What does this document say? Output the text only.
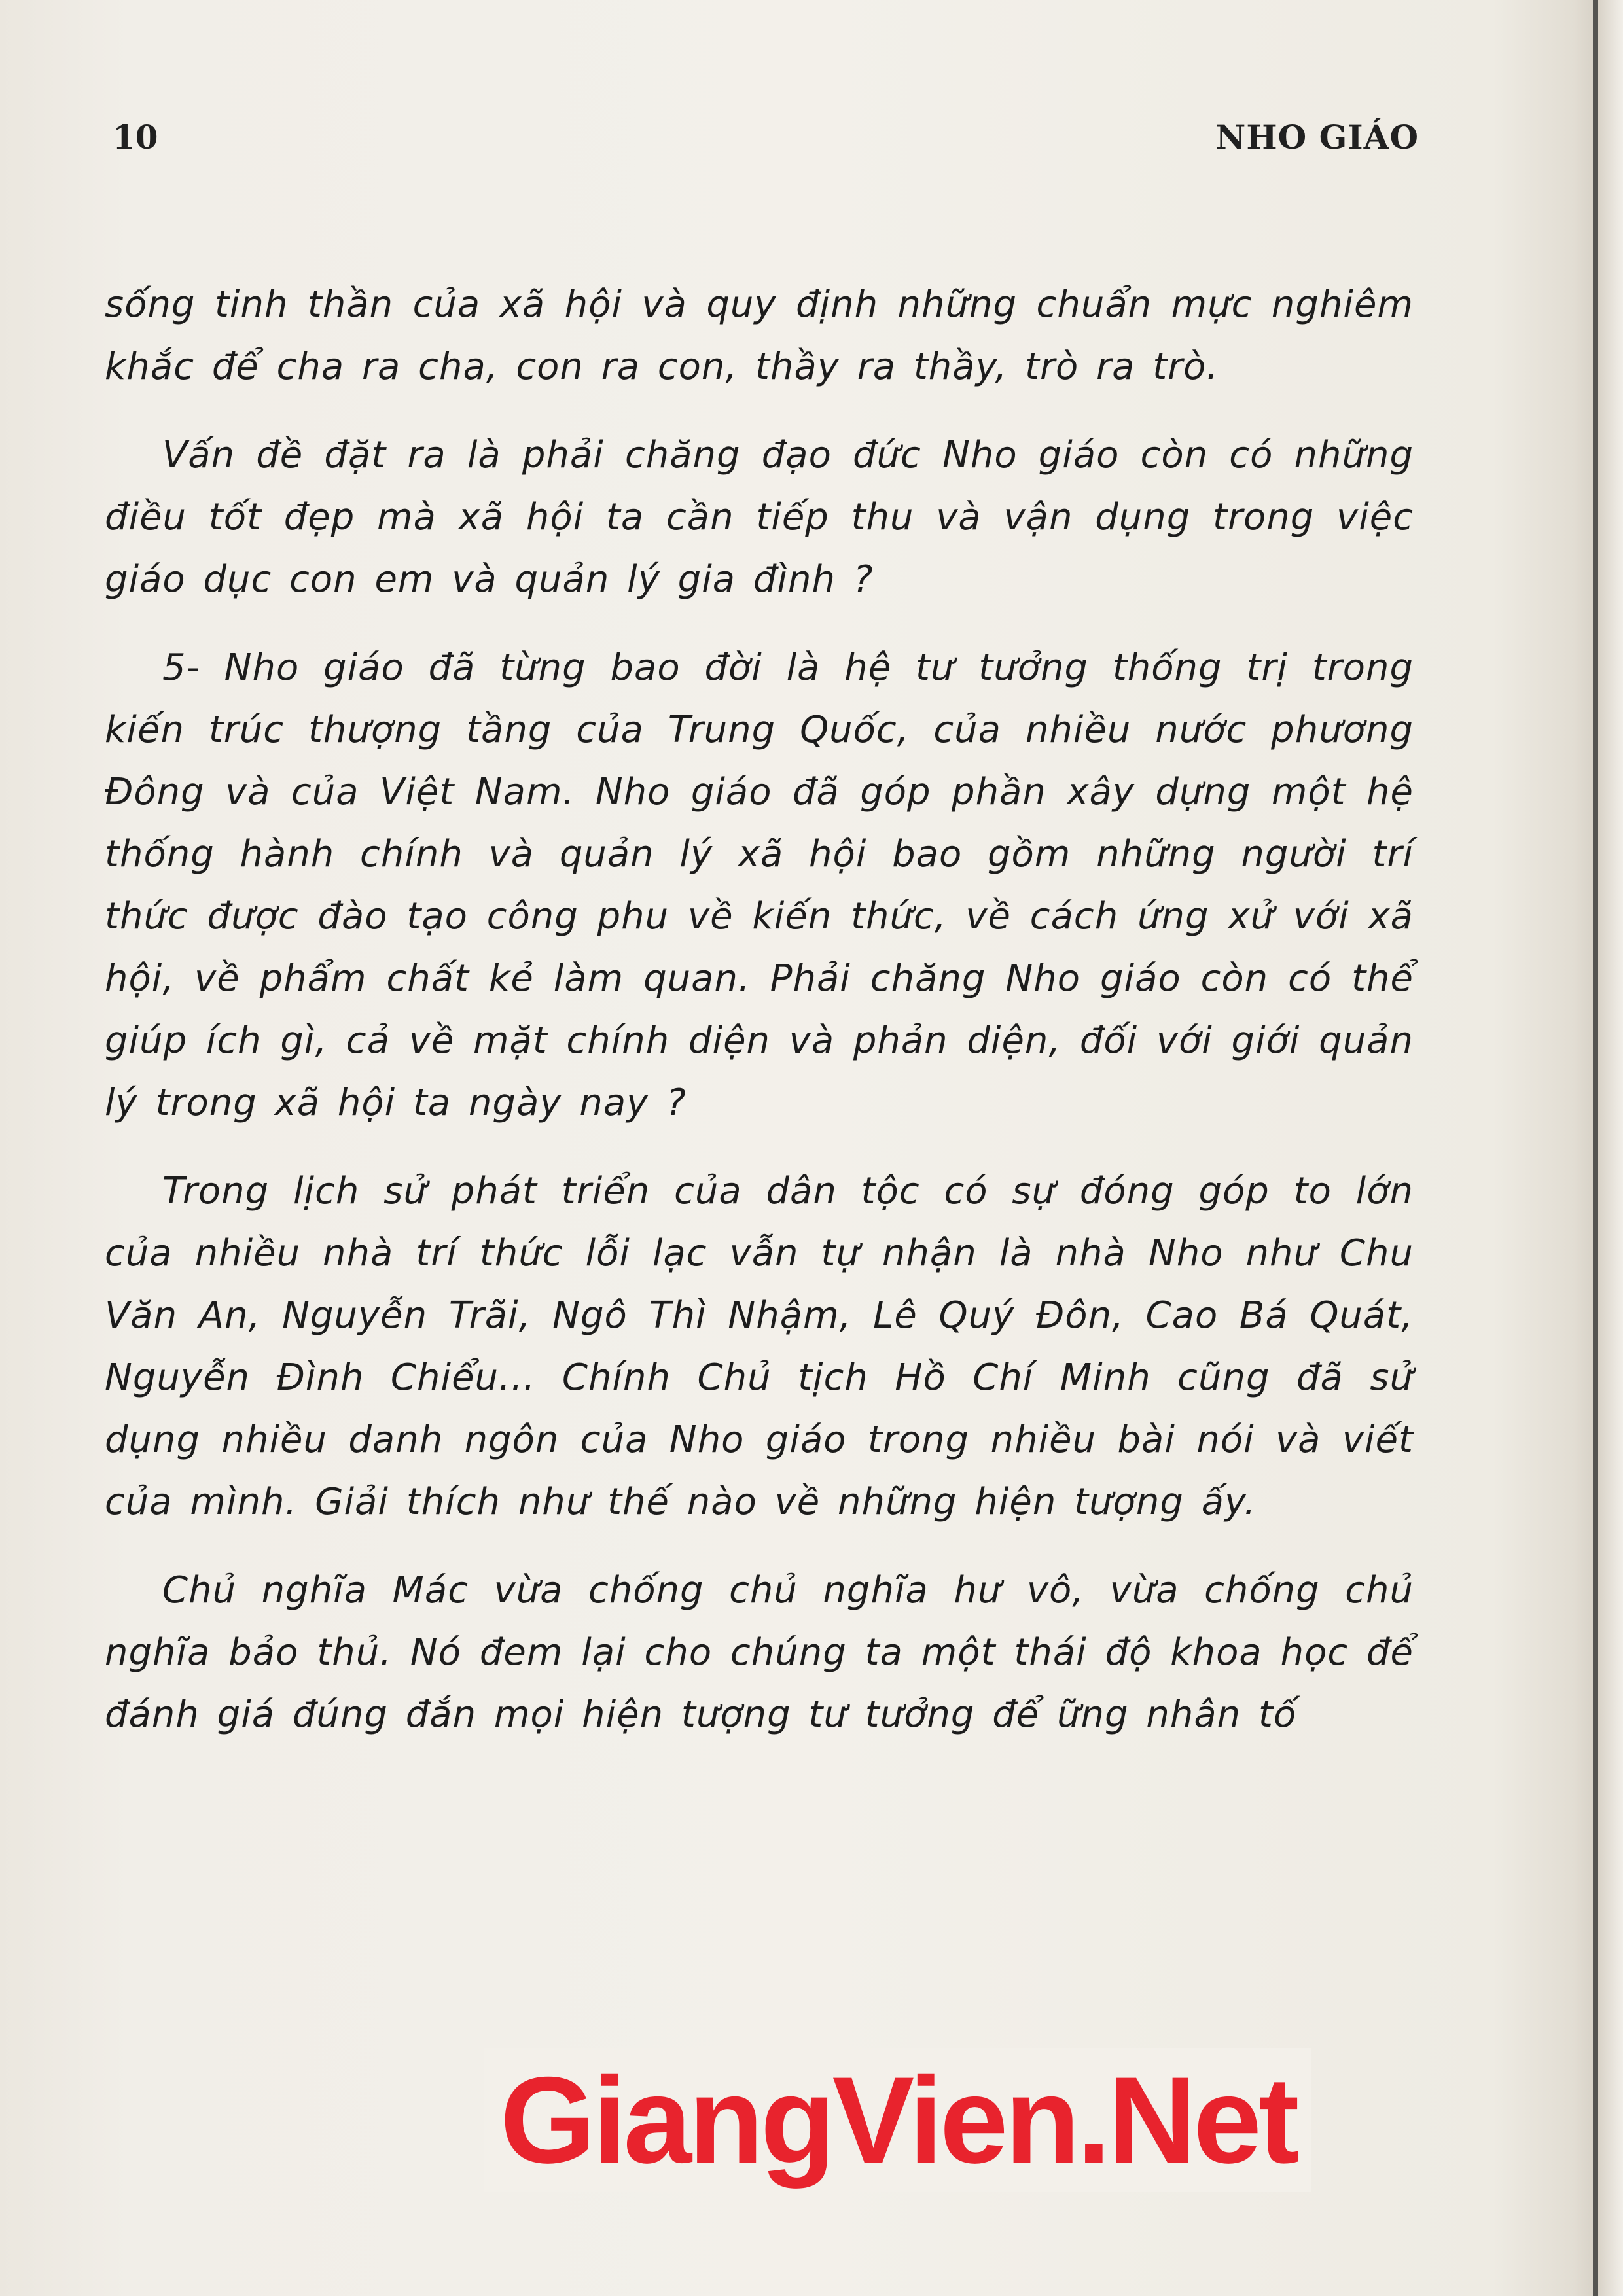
10	NHO GIÁO

sống tinh thần của xã hội và quy định những chuẩn mực nghiêm khắc để cha ra cha, con ra con, thầy ra thầy, trò ra trò.

Vấn đề đặt ra là phải chăng đạo đức Nho giáo còn có những điều tốt đẹp mà xã hội ta cần tiếp thu và vận dụng trong việc giáo dục con em và quản lý gia đình ?

5- Nho giáo đã từng bao đời là hệ tư tưởng thống trị trong kiến trúc thượng tầng của Trung Quốc, của nhiều nước phương Đông và của Việt Nam. Nho giáo đã góp phần xây dựng một hệ thống hành chính và quản lý xã hội bao gồm những người trí thức được đào tạo công phu về kiến thức, về cách ứng xử với xã hội, về phẩm chất kẻ làm quan. Phải chăng Nho giáo còn có thể giúp ích gì, cả về mặt chính diện và phản diện, đối với giới quản lý trong xã hội ta ngày nay ?

Trong lịch sử phát triển của dân tộc có sự đóng góp to lớn của nhiều nhà trí thức lỗi lạc vẫn tự nhận là nhà Nho như Chu Văn An, Nguyễn Trãi, Ngô Thì Nhậm, Lê Quý Đôn, Cao Bá Quát, Nguyễn Đình Chiểu... Chính Chủ tịch Hồ Chí Minh cũng đã sử dụng nhiều danh ngôn của Nho giáo trong nhiều bài nói và viết của mình. Giải thích như thế nào về những hiện tượng ấy.

Chủ nghĩa Mác vừa chống chủ nghĩa hư vô, vừa chống chủ nghĩa bảo thủ. Nó đem lại cho chúng ta một thái độ khoa học để đánh giá đúng đắn mọi hiện tượng tư tưởng để ững nhân tố

GiangVien.Net
